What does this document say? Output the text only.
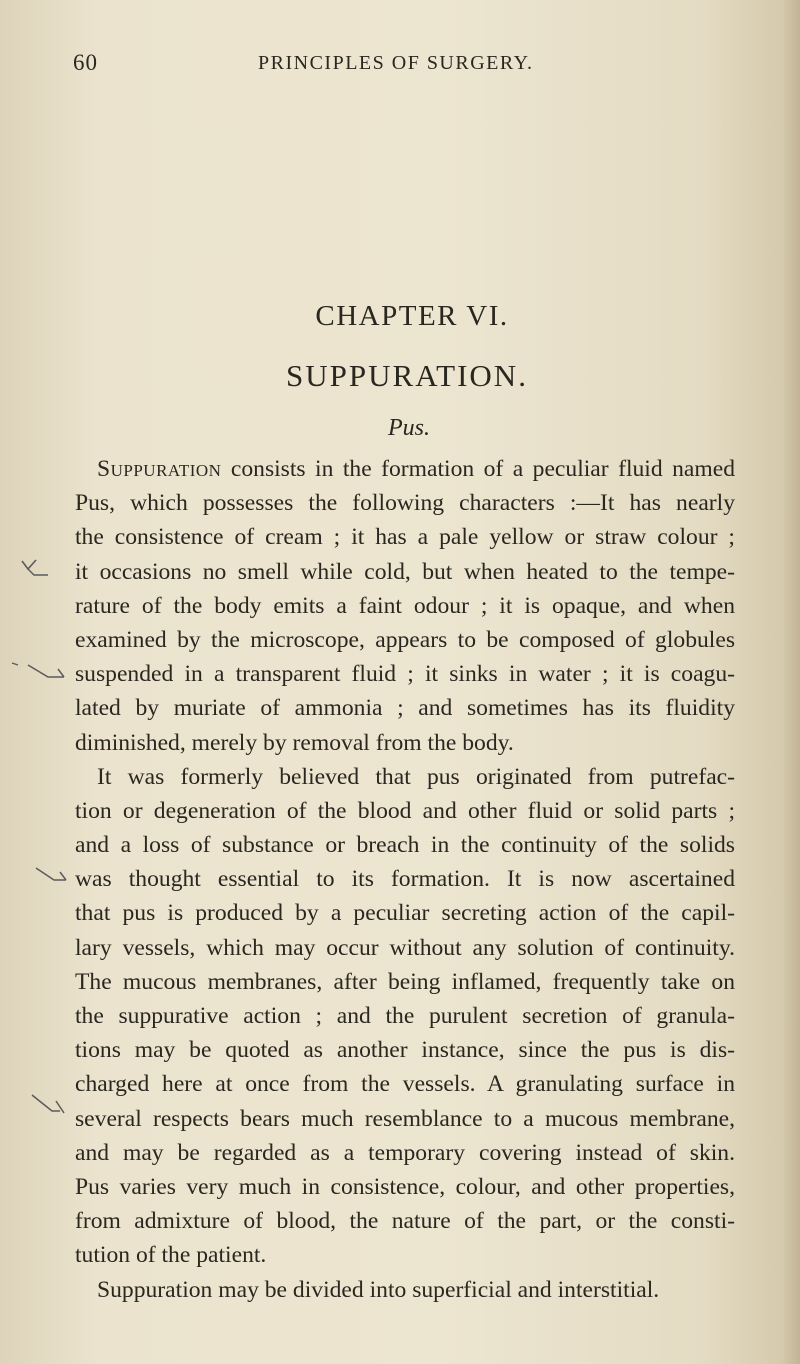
60	PRINCIPLES OF SURGERY.
CHAPTER VI.
SUPPURATION.
Pus.
Suppuration consists in the formation of a peculiar fluid named
Pus, which possesses the following characters :—It has nearly
the consistence of cream ; it has a pale yellow or straw colour ;
it occasions no smell while cold, but when heated to the tempe-
rature of the body emits a faint odour ; it is opaque, and when
examined by the microscope, appears to be composed of globules
suspended in a transparent fluid ; it sinks in water ; it is coagu-
lated by muriate of ammonia ; and sometimes has its fluidity
diminished, merely by removal from the body.
It was formerly believed that pus originated from putrefac-
tion or degeneration of the blood and other fluid or solid parts ;
and a loss of substance or breach in the continuity of the solids
was thought essential to its formation. It is now ascertained
that pus is produced by a peculiar secreting action of the capil-
lary vessels, which may occur without any solution of continuity.
The mucous membranes, after being inflamed, frequently take on
the suppurative action ; and the purulent secretion of granula-
tions may be quoted as another instance, since the pus is dis-
charged here at once from the vessels. A granulating surface in
several respects bears much resemblance to a mucous membrane,
and may be regarded as a temporary covering instead of skin.
Pus varies very much in consistence, colour, and other properties,
from admixture of blood, the nature of the part, or the consti-
tution of the patient.
Suppuration may be divided into superficial and interstitial.
